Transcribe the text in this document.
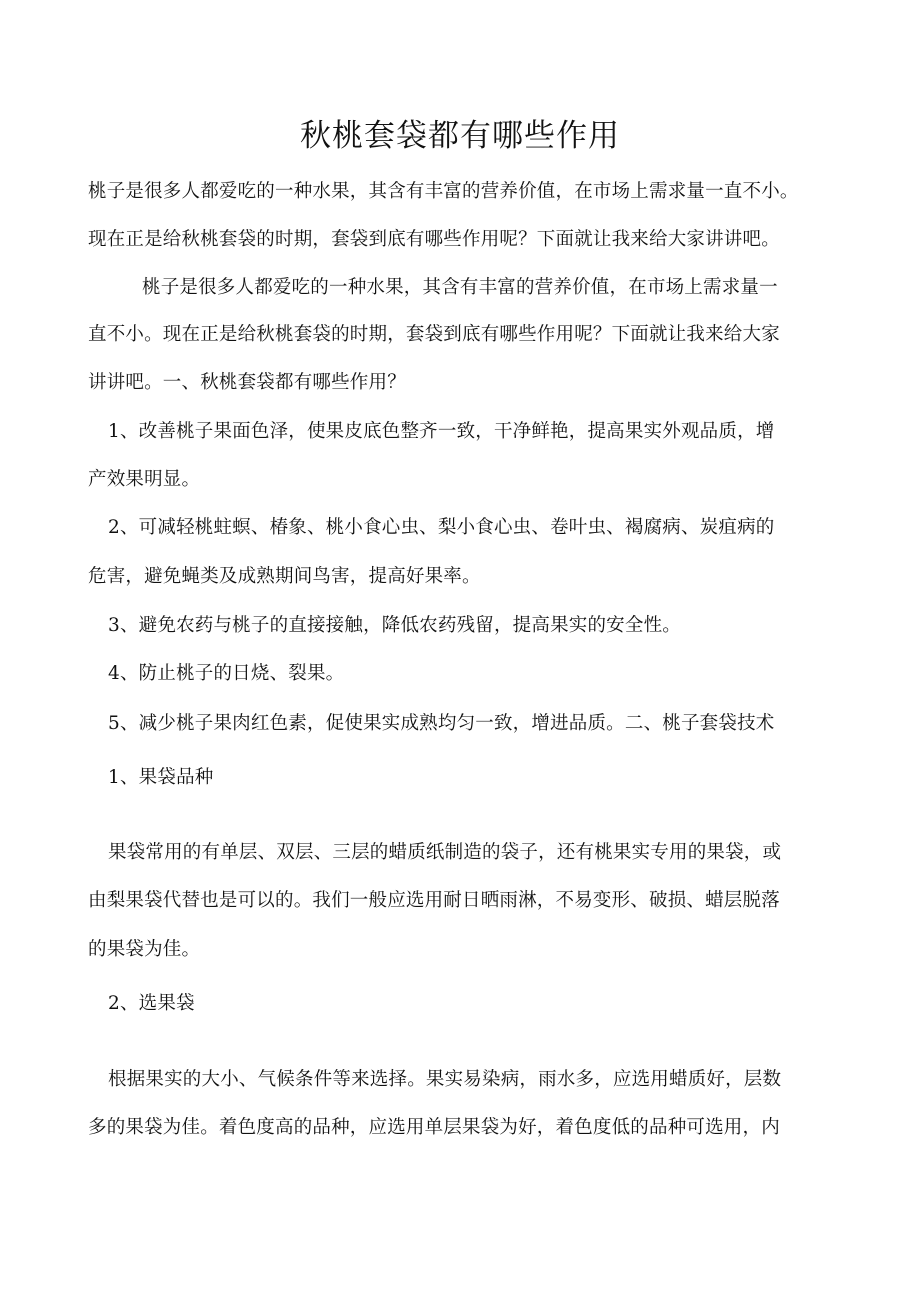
秋桃套袋都有哪些作用
桃子是很多人都爱吃的一种水果，其含有丰富的营养价值，在市场上需求量一直不小。
现在正是给秋桃套袋的时期，套袋到底有哪些作用呢？下面就让我来给大家讲讲吧。
桃子是很多人都爱吃的一种水果，其含有丰富的营养价值，在市场上需求量一
直不小。现在正是给秋桃套袋的时期，套袋到底有哪些作用呢？下面就让我来给大家
讲讲吧。一、秋桃套袋都有哪些作用？
1、改善桃子果面色泽，使果皮底色整齐一致，干净鲜艳，提高果实外观品质，增
产效果明显。
2、可减轻桃蛀螟、椿象、桃小食心虫、梨小食心虫、卷叶虫、褐腐病、炭疽病的
危害，避免蝇类及成熟期间鸟害，提高好果率。
3、避免农药与桃子的直接接触，降低农药残留，提高果实的安全性。
4、防止桃子的日烧、裂果。
5、减少桃子果肉红色素，促使果实成熟均匀一致，增进品质。二、桃子套袋技术
1、果袋品种
果袋常用的有单层、双层、三层的蜡质纸制造的袋子，还有桃果实专用的果袋，或
由梨果袋代替也是可以的。我们一般应选用耐日晒雨淋，不易变形、破损、蜡层脱落
的果袋为佳。
2、选果袋
根据果实的大小、气候条件等来选择。果实易染病，雨水多，应选用蜡质好，层数
多的果袋为佳。着色度高的品种，应选用单层果袋为好，着色度低的品种可选用，内
